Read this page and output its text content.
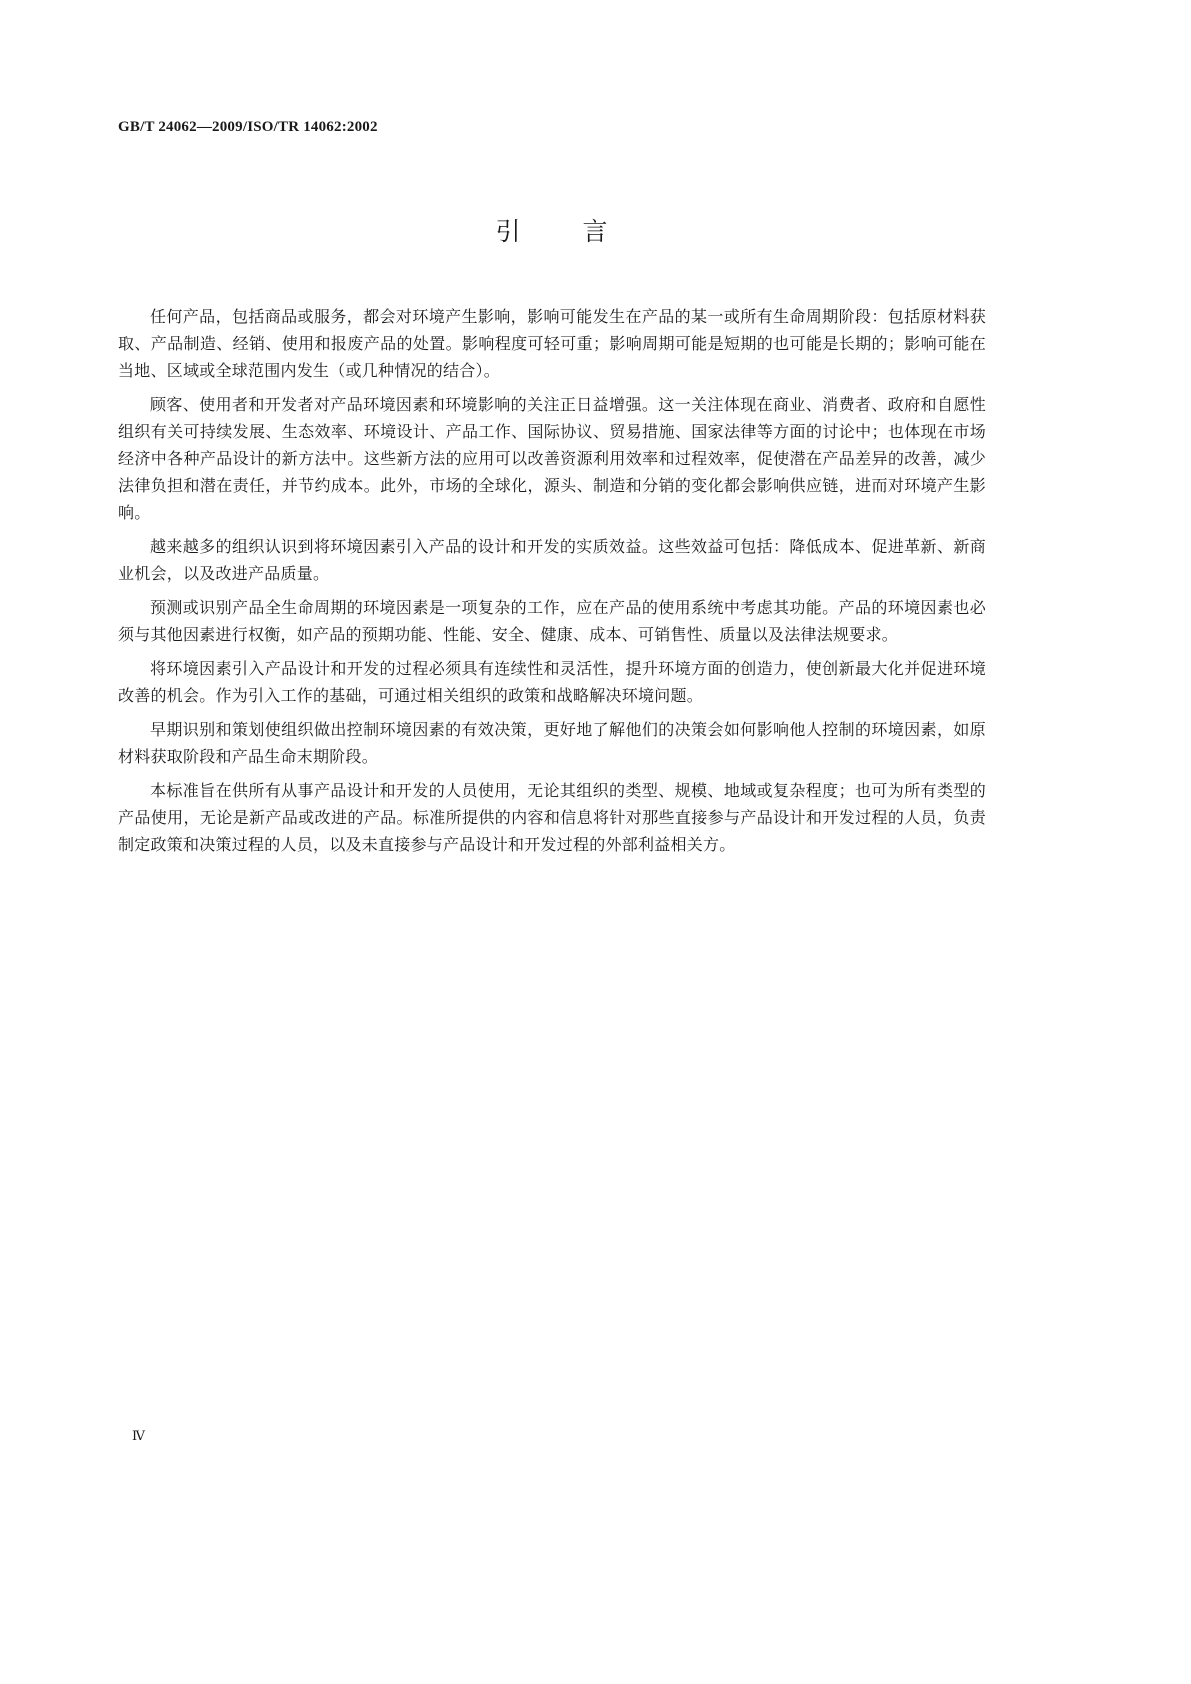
GB/T 24062—2009/ISO/TR 14062:2002
引言

任何产品，包括商品或服务，都会对环境产生影响，影响可能发生在产品的某一或所有生命周期阶段：包括原材料获取、产品制造、经销、使用和报废产品的处置。影响程度可轻可重；影响周期可能是短期的也可能是长期的；影响可能在当地、区域或全球范围内发生（或几种情况的结合）。

顾客、使用者和开发者对产品环境因素和环境影响的关注正日益增强。这一关注体现在商业、消费者、政府和自愿性组织有关可持续发展、生态效率、环境设计、产品工作、国际协议、贸易措施、国家法律等方面的讨论中；也体现在市场经济中各种产品设计的新方法中。这些新方法的应用可以改善资源利用效率和过程效率，促使潜在产品差异的改善，减少法律负担和潜在责任，并节约成本。此外，市场的全球化，源头、制造和分销的变化都会影响供应链，进而对环境产生影响。

越来越多的组织认识到将环境因素引入产品的设计和开发的实质效益。这些效益可包括：降低成本、促进革新、新商业机会，以及改进产品质量。

预测或识别产品全生命周期的环境因素是一项复杂的工作，应在产品的使用系统中考虑其功能。产品的环境因素也必须与其他因素进行权衡，如产品的预期功能、性能、安全、健康、成本、可销售性、质量以及法律法规要求。

将环境因素引入产品设计和开发的过程必须具有连续性和灵活性，提升环境方面的创造力，使创新最大化并促进环境改善的机会。作为引入工作的基础，可通过相关组织的政策和战略解决环境问题。

早期识别和策划使组织做出控制环境因素的有效决策，更好地了解他们的决策会如何影响他人控制的环境因素，如原材料获取阶段和产品生命末期阶段。

本标准旨在供所有从事产品设计和开发的人员使用，无论其组织的类型、规模、地域或复杂程度；也可为所有类型的产品使用，无论是新产品或改进的产品。标准所提供的内容和信息将针对那些直接参与产品设计和开发过程的人员，负责制定政策和决策过程的人员，以及未直接参与产品设计和开发过程的外部利益相关方。

Ⅳ
